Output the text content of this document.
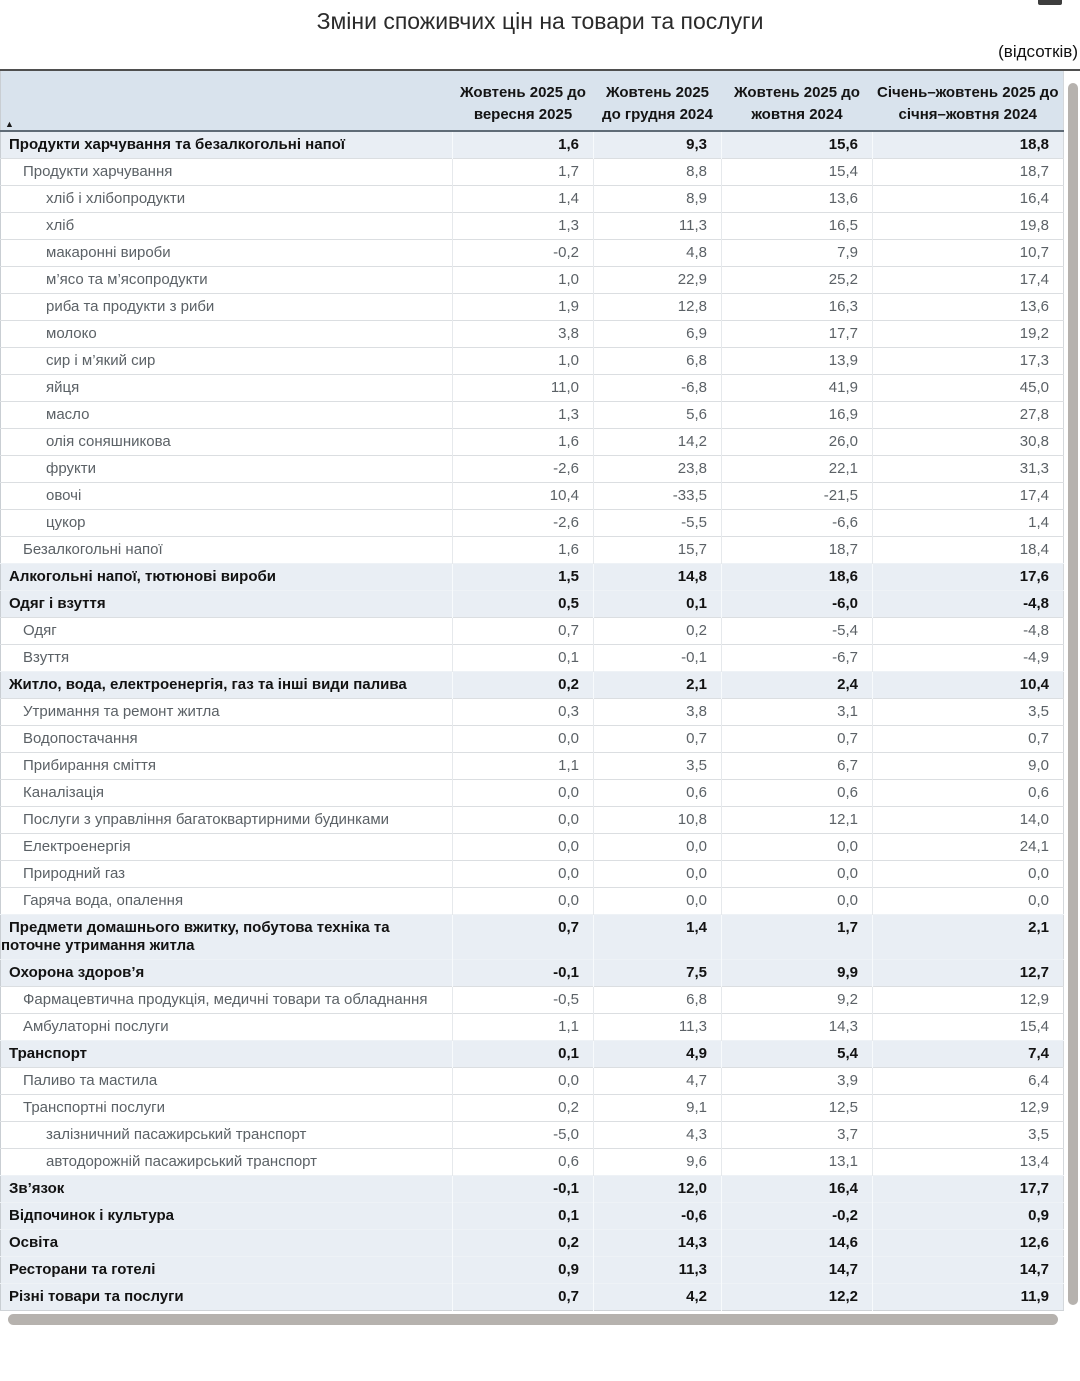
Зміни споживчих цін на товари та послуги
(відсотків)
▲	Жовтень 2025 до вересня 2025	Жовтень 2025 до грудня 2024	Жовтень 2025 до жовтня 2024	Січень–жовтень 2025 до січня–жовтня 2024
Продукти харчування та безалкогольні напої	1,6	9,3	15,6	18,8
Продукти харчування	1,7	8,8	15,4	18,7
хліб і хлібопродукти	1,4	8,9	13,6	16,4
хліб	1,3	11,3	16,5	19,8
макаронні вироби	-0,2	4,8	7,9	10,7
м’ясо та м’ясопродукти	1,0	22,9	25,2	17,4
риба та продукти з риби	1,9	12,8	16,3	13,6
молоко	3,8	6,9	17,7	19,2
сир і м’який сир	1,0	6,8	13,9	17,3
яйця	11,0	-6,8	41,9	45,0
масло	1,3	5,6	16,9	27,8
олія соняшникова	1,6	14,2	26,0	30,8
фрукти	-2,6	23,8	22,1	31,3
овочі	10,4	-33,5	-21,5	17,4
цукор	-2,6	-5,5	-6,6	1,4
Безалкогольні напої	1,6	15,7	18,7	18,4
Алкогольні напої, тютюнові вироби	1,5	14,8	18,6	17,6
Одяг і взуття	0,5	0,1	-6,0	-4,8
Одяг	0,7	0,2	-5,4	-4,8
Взуття	0,1	-0,1	-6,7	-4,9
Житло, вода, електроенергія, газ та інші види палива	0,2	2,1	2,4	10,4
Утримання та ремонт житла	0,3	3,8	3,1	3,5
Водопостачання	0,0	0,7	0,7	0,7
Прибирання сміття	1,1	3,5	6,7	9,0
Каналізація	0,0	0,6	0,6	0,6
Послуги з управління багатоквартирними будинками	0,0	10,8	12,1	14,0
Електроенергія	0,0	0,0	0,0	24,1
Природний газ	0,0	0,0	0,0	0,0
Гаряча вода, опалення	0,0	0,0	0,0	0,0
Предмети домашнього вжитку, побутова техніка та поточне утримання житла	0,7	1,4	1,7	2,1
Охорона здоров’я	-0,1	7,5	9,9	12,7
Фармацевтична продукція, медичні товари та обладнання	-0,5	6,8	9,2	12,9
Амбулаторні послуги	1,1	11,3	14,3	15,4
Транспорт	0,1	4,9	5,4	7,4
Паливо та мастила	0,0	4,7	3,9	6,4
Транспортні послуги	0,2	9,1	12,5	12,9
залізничний пасажирський транспорт	-5,0	4,3	3,7	3,5
автодорожній пасажирський транспорт	0,6	9,6	13,1	13,4
Зв’язок	-0,1	12,0	16,4	17,7
Відпочинок і культура	0,1	-0,6	-0,2	0,9
Освіта	0,2	14,3	14,6	12,6
Ресторани та готелі	0,9	11,3	14,7	14,7
Різні товари та послуги	0,7	4,2	12,2	11,9
